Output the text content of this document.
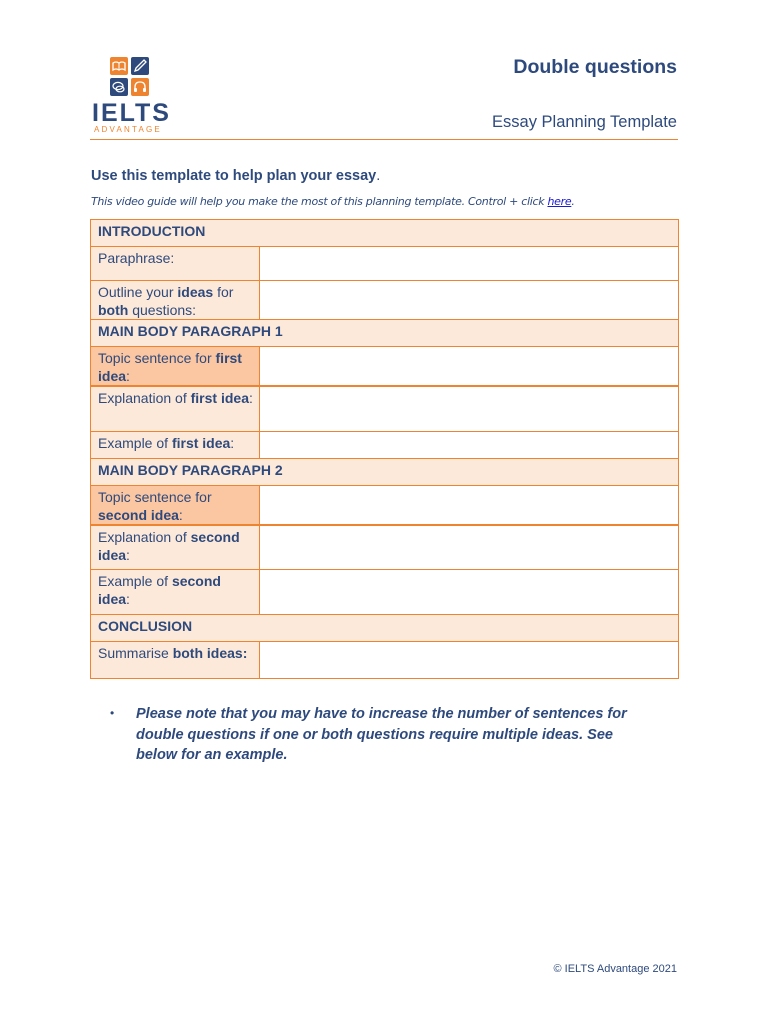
IELTS
ADVANTAGE
Double questions
Essay Planning Template
Use this template to help plan your essay.
This video guide will help you make the most of this planning template. Control + click here.
INTRODUCTION	
Paraphrase:	
Outline your ideas for both questions:	
MAIN BODY PARAGRAPH 1	
Topic sentence for first idea:	
Explanation of first idea:	
Example of first idea:	
MAIN BODY PARAGRAPH 2	
Topic sentence for second idea:	
Explanation of second idea:	
Example of second idea:	
CONCLUSION	
Summarise both ideas:	
• Please note that you may have to increase the number of sentences for double questions if one or both questions require multiple ideas. See below for an example.
© IELTS Advantage 2021
